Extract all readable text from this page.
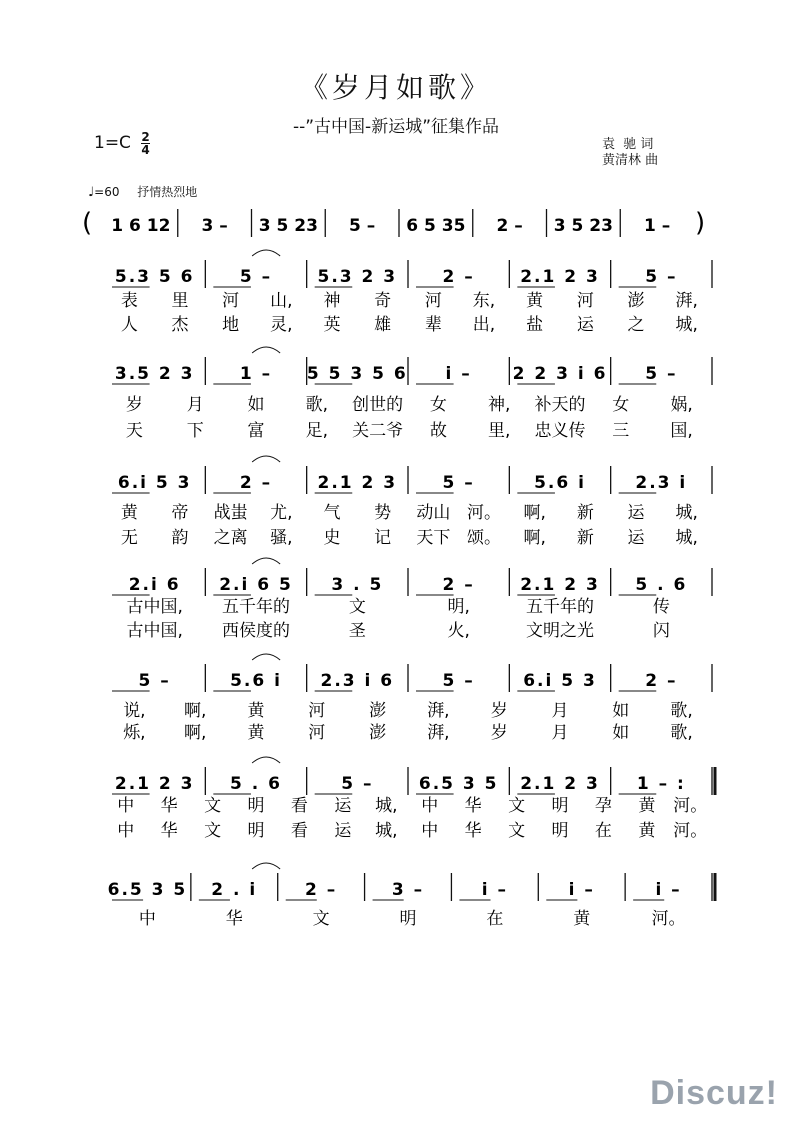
《岁月如歌》
--”古中国-新运城”征集作品
1=C 2
4	袁  驰 词
黄清林 曲
♩=60 抒情热烈地
(	)
1 6 12 3 – 3 5 23 5 – 6 5 35 2 – 3 5 23 1 –
5.3 5 6	5 –	5.3 2 3	2 –	2.1 2 3	5 –
表 里 河 山, 神 奇 河 东, 黄 河 澎 湃,
人 杰 地 灵, 英 雄 辈 出, 盐 运 之 城,
3.5 2 3	1 – 5 5 3 5 6 i – 2 2 3 i 6 5 –
岁	月	如 歌, 创世的 女 神, 补天的 女 娲,
天	下	富 足, 关二爷 故 里, 忠义传 三 国,
6.i 5 3	2 –	2.1 2 3	5 –	5.6 i	2.3 i
黄 帝 战蚩 尤, 气 势 动山 河。 啊, 新 运 城,
无 韵 之离 骚, 史 记 天下 颂。 啊, 新 运 城,
2.i 6 2.i 6 5 3 . 5	2 –	2.1 2 3 5 . 6
古中国, 五千年的	文	明,	五千年的	传
古中国, 西侯度的	圣	火,	文明之光	闪
5 –	5.6 i 2.3 i 6	5 –	6.i 5 3	2 –
说, 啊, 黄	河	澎 湃, 岁	月	如 歌,
烁, 啊, 黄	河	澎 湃, 岁	月	如 歌,
2.1 2 3 5 . 6	5 –	6.5 3 5 2.1 2 3 1 – :
中 华 文 明 看 运 城, 中 华 文 明 孕 黄 河。
中 华 文 明 看 运 城, 中 华 文 明 在 黄 河。
6.5 3 5 2 . i	2 –	3 –	i –	i –	i –
中	华	文	明	在	黄	河。
Discuz!
